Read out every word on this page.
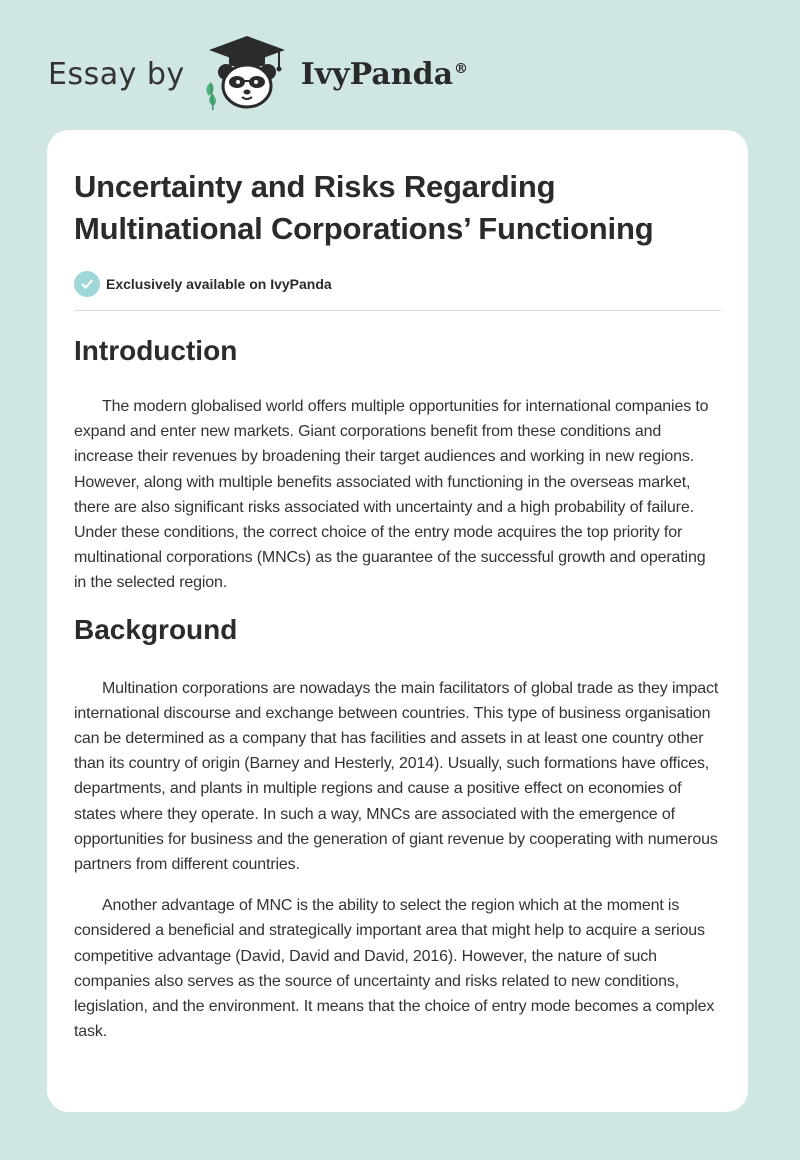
Essay by	IvyPanda®
Uncertainty and Risks Regarding
Multinational Corporations’ Functioning
Exclusively available on IvyPanda
Introduction

The modern globalised world offers multiple opportunities for international companies to expand and enter new markets. Giant corporations benefit from these conditions and increase their revenues by broadening their target audiences and working in new regions. However, along with multiple benefits associated with functioning in the overseas market, there are also significant risks associated with uncertainty and a high probability of failure. Under these conditions, the correct choice of the entry mode acquires the top priority for multinational corporations (MNCs) as the guarantee of the successful growth and operating in the selected region.

Background

Multination corporations are nowadays the main facilitators of global trade as they impact international discourse and exchange between countries. This type of business organisation can be determined as a company that has facilities and assets in at least one country other than its country of origin (Barney and Hesterly, 2014). Usually, such formations have offices, departments, and plants in multiple regions and cause a positive effect on economies of states where they operate. In such a way, MNCs are associated with the emergence of opportunities for business and the generation of giant revenue by cooperating with numerous partners from different countries.

Another advantage of MNC is the ability to select the region which at the moment is considered a beneficial and strategically important area that might help to acquire a serious competitive advantage (David, David and David, 2016). However, the nature of such companies also serves as the source of uncertainty and risks related to new conditions, legislation, and the environment. It means that the choice of entry mode becomes a complex task.
